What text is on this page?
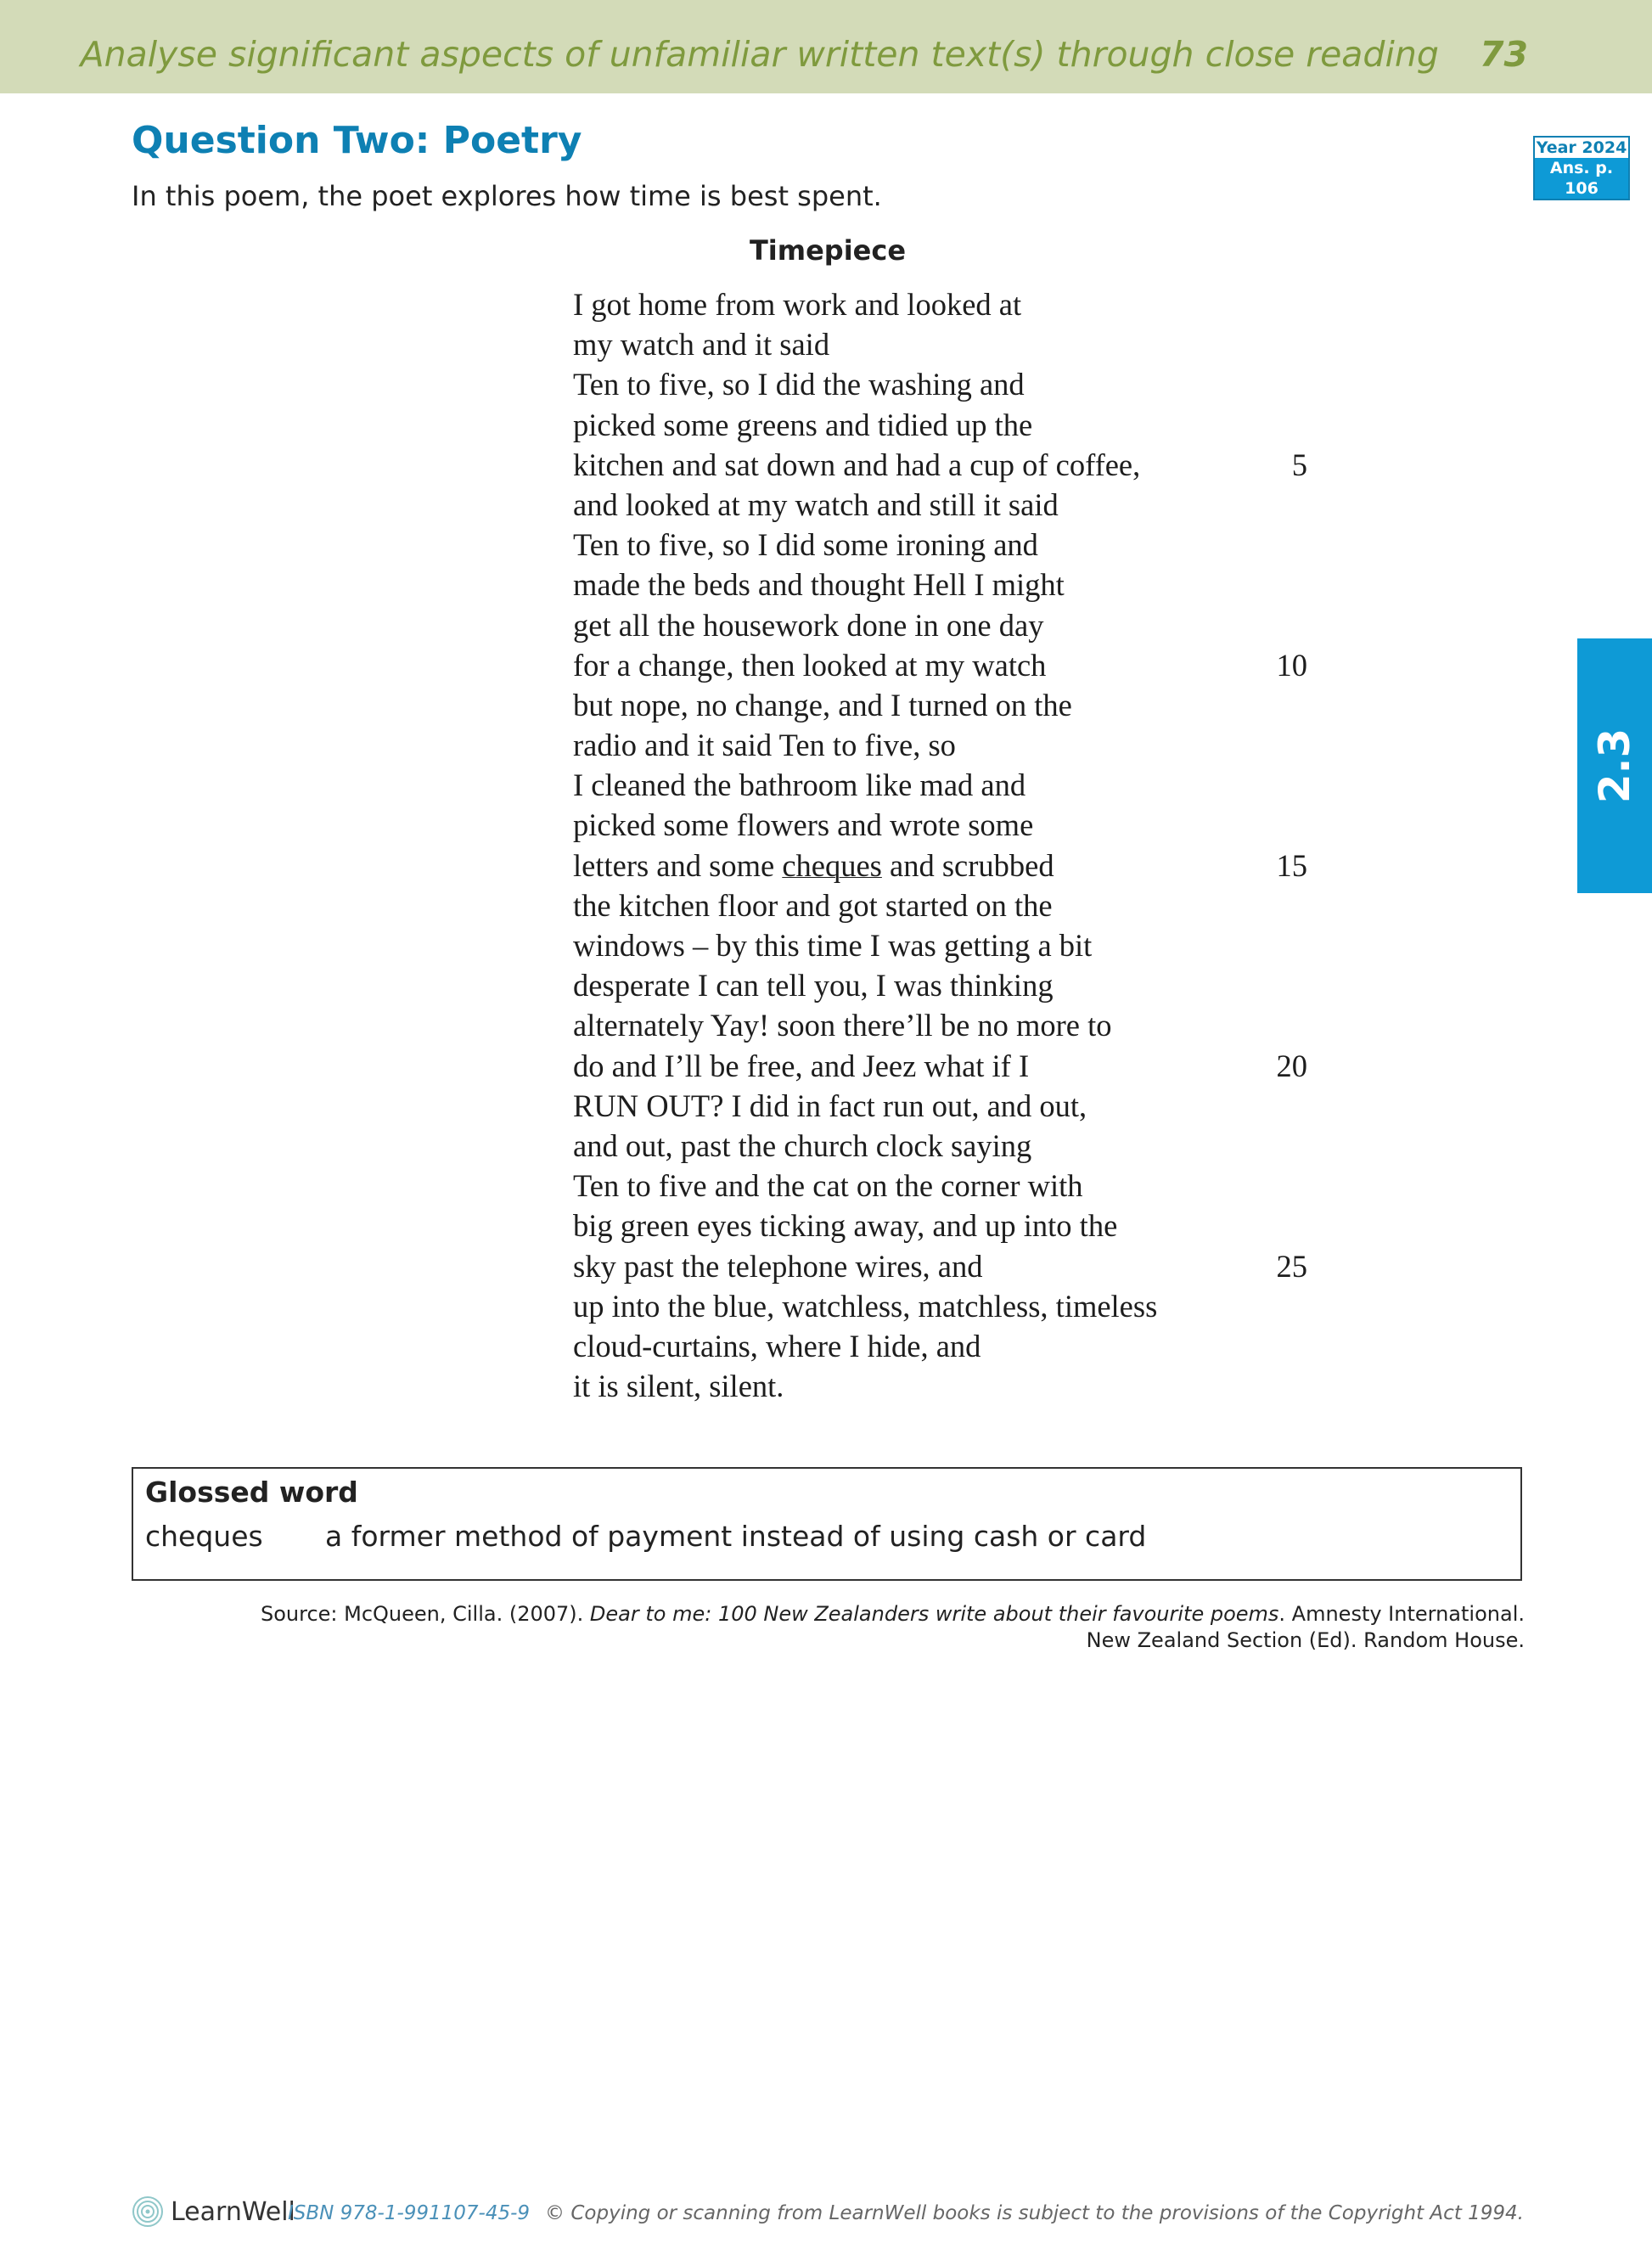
Analyse significant aspects of unfamiliar written text(s) through close reading 73
Question Two: Poetry
In this poem, the poet explores how time is best spent.
Year 2024
Ans. p. 106
Timepiece
I got home from work and looked at
my watch and it said
Ten to five, so I did the washing and
picked some greens and tidied up the
kitchen and sat down and had a cup of coffee,
and looked at my watch and still it said
Ten to five, so I did some ironing and
made the beds and thought Hell I might
get all the housework done in one day
for a change, then looked at my watch
but nope, no change, and I turned on the
radio and it said Ten to five, so
I cleaned the bathroom like mad and
picked some flowers and wrote some
letters and some cheques and scrubbed
the kitchen floor and got started on the
windows – by this time I was getting a bit
desperate I can tell you, I was thinking
alternately Yay! soon there’ll be no more to
do and I’ll be free, and Jeez what if I
RUN OUT? I did in fact run out, and out,
and out, past the church clock saying
Ten to five and the cat on the corner with
big green eyes ticking away, and up into the
sky past the telephone wires, and
up into the blue, watchless, matchless, timeless
cloud-curtains, where I hide, and
it is silent, silent.
5
10
15
20
25
2.3
Glossed word
cheques a former method of payment instead of using cash or card
Source: McQueen, Cilla. (2007). Dear to me: 100 New Zealanders write about their favourite poems. Amnesty International.
New Zealand Section (Ed). Random House.
LearnWell
ISBN 978-1-991107-45-9 © Copying or scanning from LearnWell books is subject to the provisions of the Copyright Act 1994.
